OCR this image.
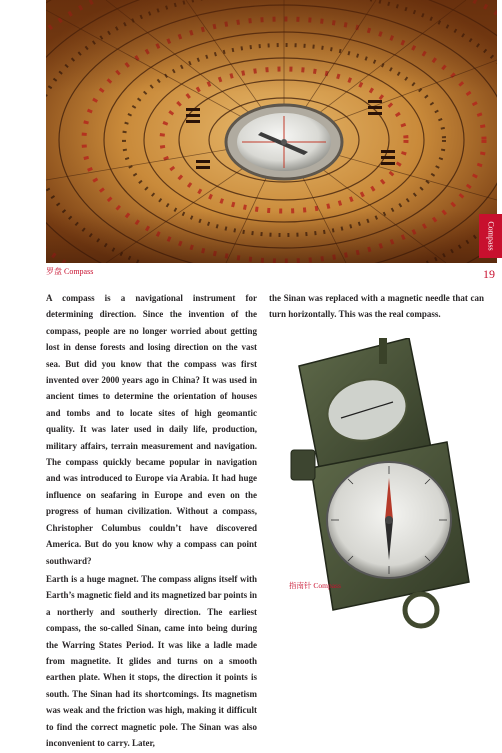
Compass
罗盘 Compass	19

A compass is a navigational instrument for determining direction. Since the invention of the compass, people are no longer worried about getting lost in dense forests and losing direction on the vast sea. But did you know that the compass was first invented over 2000 years ago in China? It was used in ancient times to determine the orientation of houses and tombs and to locate sites of high geomantic quality. It was later used in daily life, production, military affairs, terrain measurement and navigation. The compass quickly became popular in navigation and was introduced to Europe via Arabia. It had huge influence on seafaring in Europe and even on the progress of human civilization. Without a compass, Christopher Columbus couldn’t have discovered America. But do you know why a compass can point southward?

Earth is a huge magnet. The compass aligns itself with Earth’s magnetic field and its magnetized bar points in a northerly and southerly direction. The earliest compass, the so-called Sinan, came into being during the Warring States Period. It was like a ladle made from magnetite. It glides and turns on a smooth earthen plate. When it stops, the direction it points is south. The Sinan had its shortcomings. Its magnetism was weak and the friction was high, making it difficult to find the correct magnetic pole. The Sinan was also inconvenient to carry. Later,

the Sinan was replaced with a magnetic needle that can turn horizontally. This was the real compass.

指南针 Compass
